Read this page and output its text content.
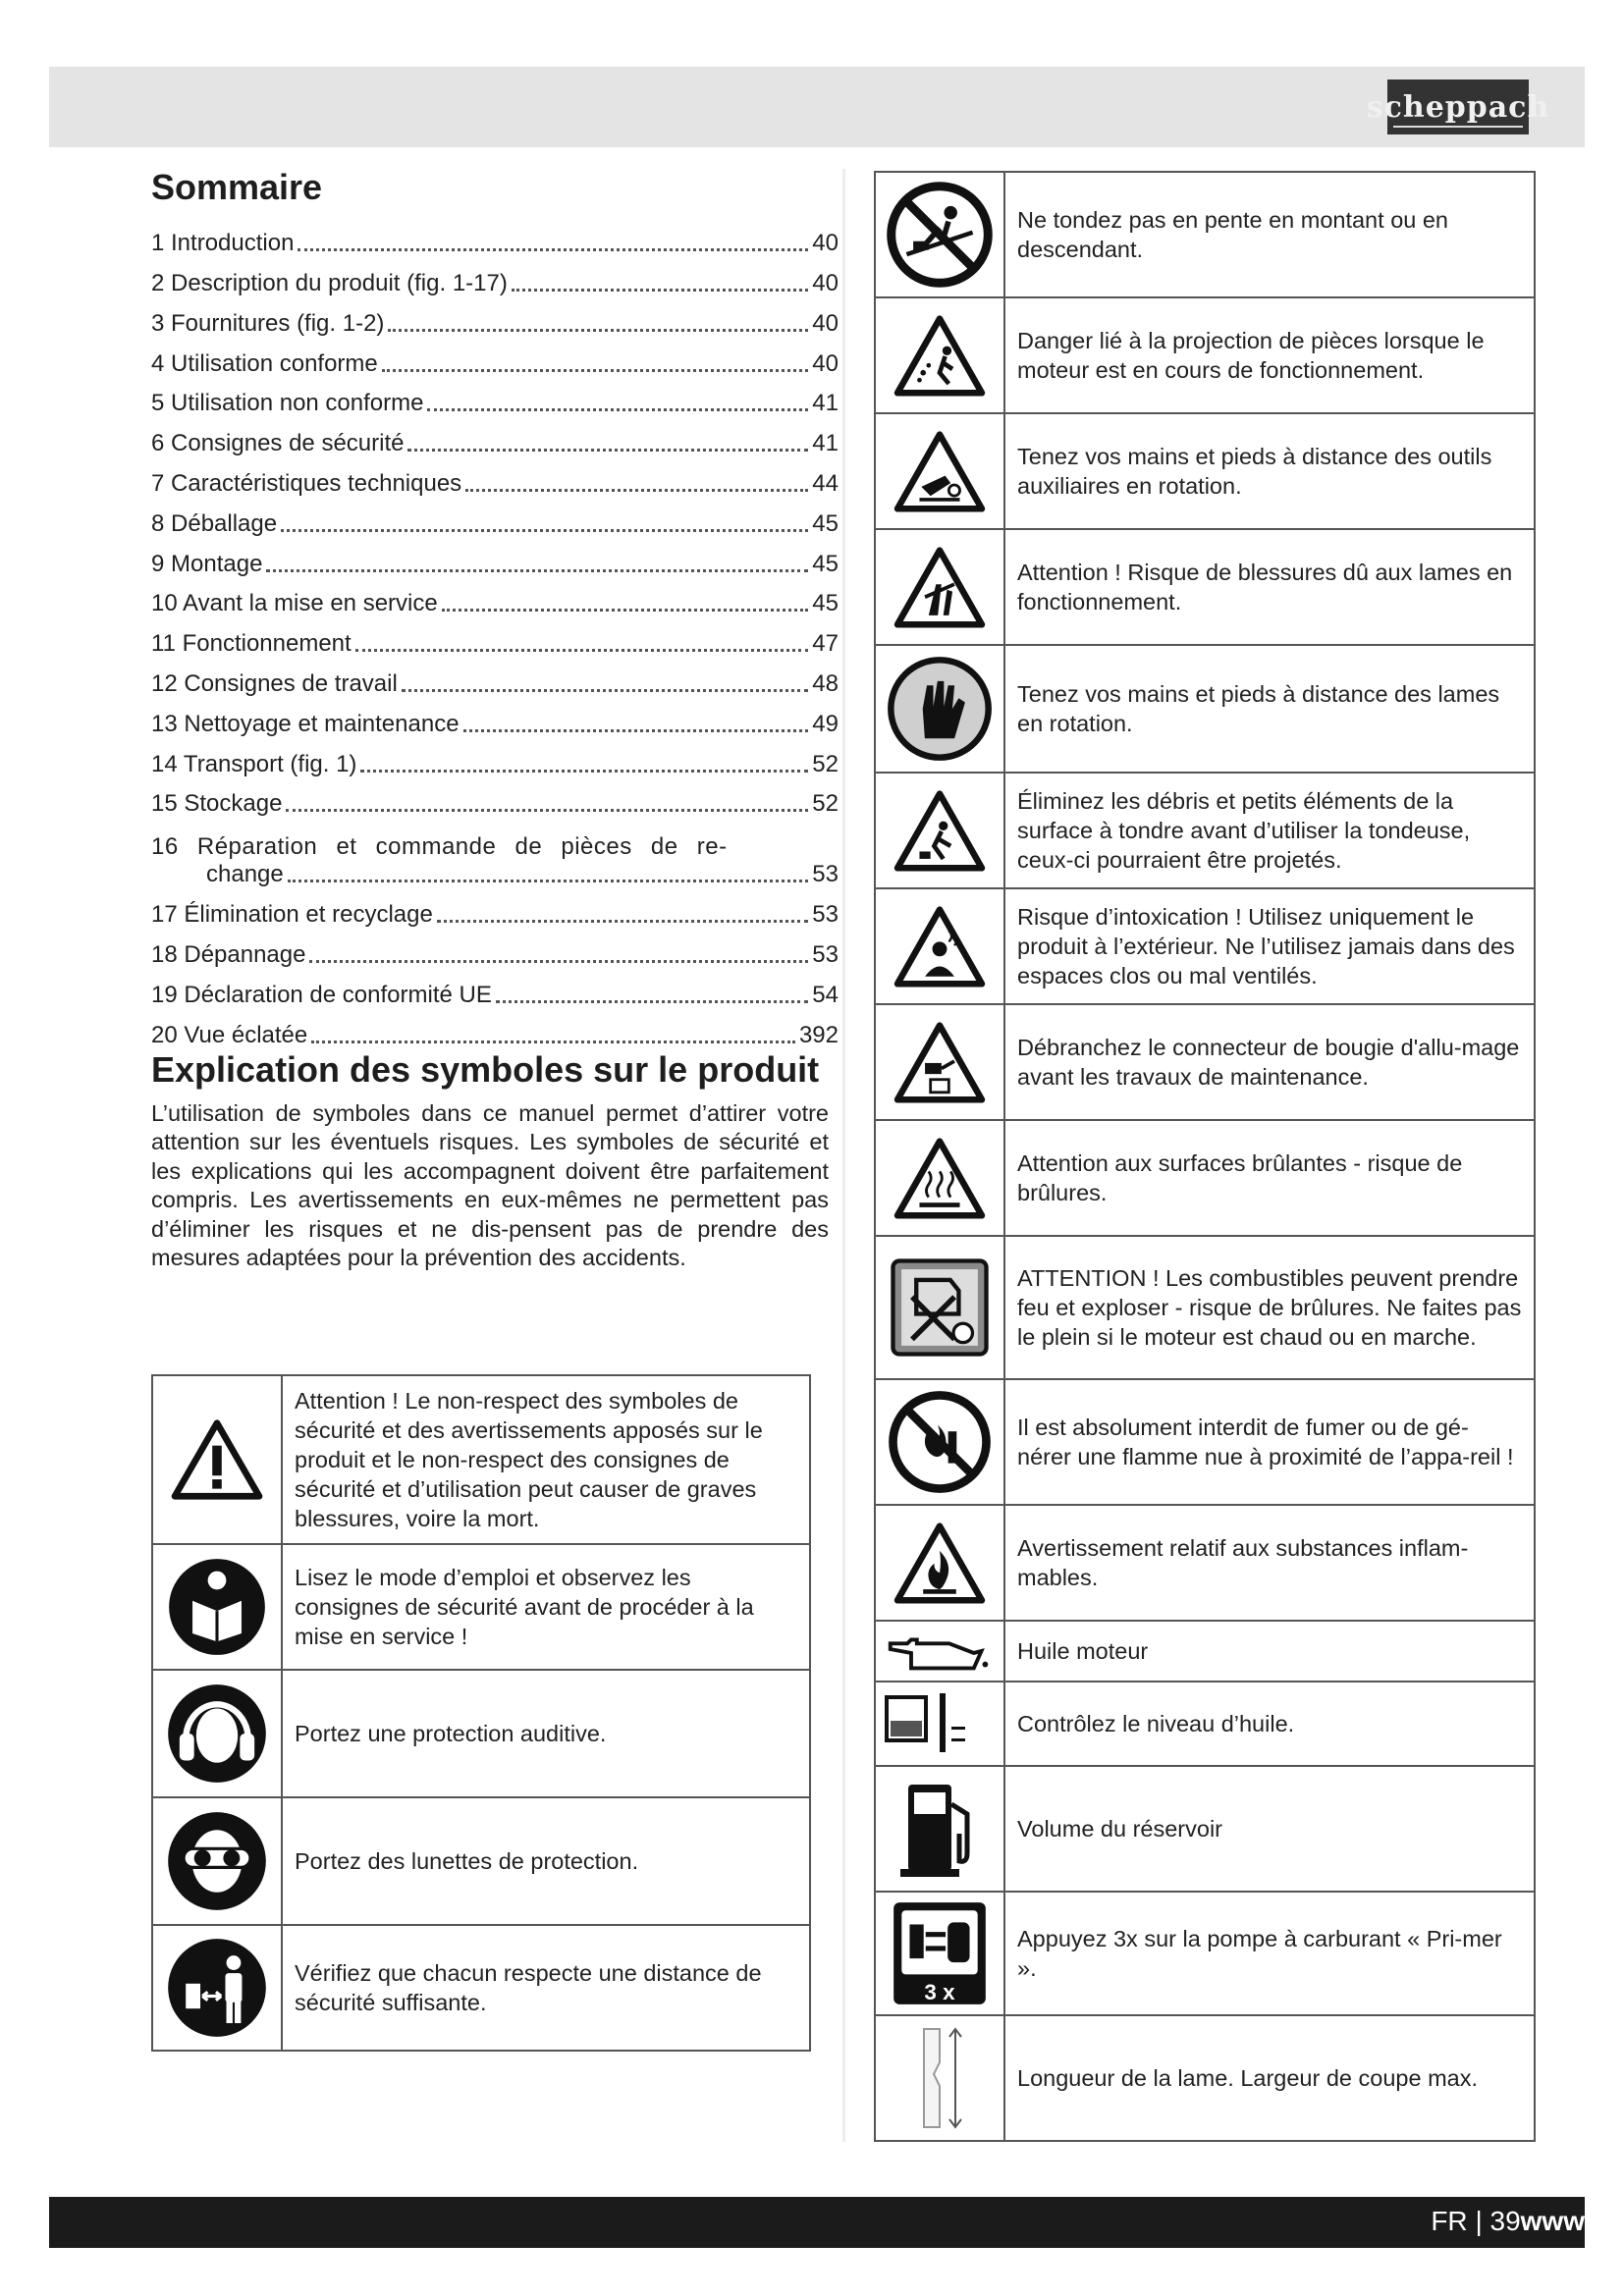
scheppach
Sommaire
1 Introduction	40
2 Description du produit (fig. 1-17)	40
3 Fournitures (fig. 1-2)	40
4 Utilisation conforme	40
5 Utilisation non conforme	41
6 Consignes de sécurité	41
7 Caractéristiques techniques	44
8 Déballage	45
9 Montage	45
10 Avant la mise en service	45
11 Fonctionnement	47
12 Consignes de travail	48
13 Nettoyage et maintenance	49
14 Transport (fig. 1)	52
15 Stockage	52
16 Réparation et commande de pièces de re-
change	53
17 Élimination et recyclage	53
18 Dépannage	53
19 Déclaration de conformité UE	54
20 Vue éclatée	392
Explication des symboles sur le produit

L’utilisation de symboles dans ce manuel permet d’attirer votre attention sur les éventuels risques. Les symboles de sécurité et les explications qui les accompagnent doivent être parfaitement compris. Les avertissements en eux-mêmes ne permettent pas d’éliminer les risques et ne dis-pensent pas de prendre des mesures adaptées pour la prévention des accidents.

	Attention ! Le non-respect des symboles de sécurité et des avertissements apposés sur le produit et le non-respect des consignes de sécurité et d’utilisation peut causer de graves blessures, voire la mort.

	Lisez le mode d’emploi et observez les consignes de sécurité avant de procéder à la mise en service !

	Portez une protection auditive.

	Portez des lunettes de protection.

	Vérifiez que chacun respecte une distance de sécurité suffisante.
	Ne tondez pas en pente en montant ou en descendant.

	Danger lié à la projection de pièces lorsque le moteur est en cours de fonctionnement.

	Tenez vos mains et pieds à distance des outils auxiliaires en rotation.

	Attention ! Risque de blessures dû aux lames en fonctionnement.

	Tenez vos mains et pieds à distance des lames en rotation.

	Éliminez les débris et petits éléments de la surface à tondre avant d’utiliser la tondeuse, ceux-ci pourraient être projetés.

	Risque d’intoxication ! Utilisez uniquement le produit à l’extérieur. Ne l’utilisez jamais dans des espaces clos ou mal ventilés.

	Débranchez le connecteur de bougie d'allu-mage avant les travaux de maintenance.

	Attention aux surfaces brûlantes - risque de brûlures.

	ATTENTION ! Les combustibles peuvent prendre feu et exploser - risque de brûlures. Ne faites pas le plein si le moteur est chaud ou en marche.

	Il est absolument interdit de fumer ou de gé-nérer une flamme nue à proximité de l’appa-reil !

	Avertissement relatif aux substances inflam-mables.

	Huile moteur

	Contrôlez le niveau d’huile.

	Volume du réservoir

3 x	Appuyez 3x sur la pompe à carburant « Pri-mer ».

	Longueur de la lame. Largeur de coupe max.
FR | 39www
